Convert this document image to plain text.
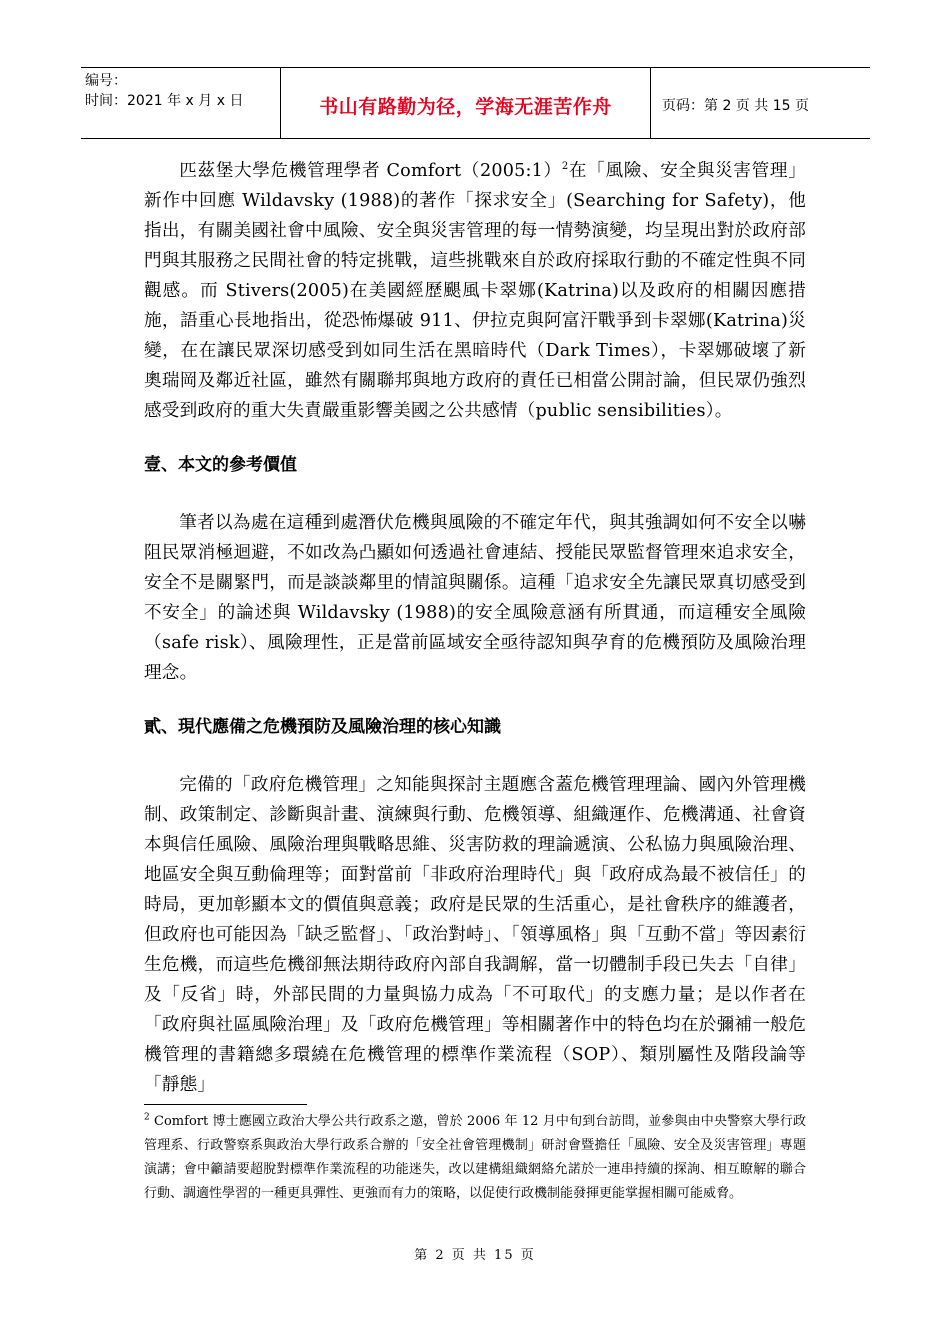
编号：
时间：2021 年 x 月 x 日	书山有路勤为径，学海无涯苦作舟	页码：第 2 页 共 15 页

匹茲堡大學危機管理學者 Comfort（2005:1）$^2$在「風險、安全與災害管理」新作中回應 Wildavsky (1988)的著作「探求安全」(Searching for Safety)，他指出，有關美國社會中風險、安全與災害管理的每一情勢演變，均呈現出對於政府部門與其服務之民間社會的特定挑戰，這些挑戰來自於政府採取行動的不確定性與不同觀感。而 Stivers(2005)在美國經歷颶風卡翠娜(Katrina)以及政府的相關因應措施，語重心長地指出，從恐怖爆破 911、伊拉克與阿富汗戰爭到卡翠娜(Katrina)災變，在在讓民眾深切感受到如同生活在黑暗時代（Dark Times），卡翠娜破壞了新奧瑞岡及鄰近社區，雖然有關聯邦與地方政府的責任已相當公開討論，但民眾仍強烈感受到政府的重大失責嚴重影響美國之公共感情（public sensibilities）。

壹、本文的參考價值

筆者以為處在這種到處潛伏危機與風險的不確定年代，與其強調如何不安全以嚇阻民眾消極迴避，不如改為凸顯如何透過社會連結、授能民眾監督管理來追求安全，安全不是關緊門，而是談談鄰里的情誼與關係。這種「追求安全先讓民眾真切感受到不安全」的論述與 Wildavsky (1988)的安全風險意涵有所貫通，而這種安全風險（safe risk）、風險理性，正是當前區域安全亟待認知與孕育的危機預防及風險治理理念。

貳、現代應備之危機預防及風險治理的核心知識

完備的「政府危機管理」之知能與探討主題應含蓋危機管理理論、國內外管理機制、政策制定、診斷與計畫、演練與行動、危機領導、組織運作、危機溝通、社會資本與信任風險、風險治理與戰略思維、災害防救的理論遞演、公私協力與風險治理、地區安全與互動倫理等；面對當前「非政府治理時代」與「政府成為最不被信任」的時局，更加彰顯本文的價值與意義；政府是民眾的生活重心，是社會秩序的維護者，但政府也可能因為「缺乏監督」、「政治對峙」、「領導風格」與「互動不當」等因素衍生危機，而這些危機卻無法期待政府內部自我調解，當一切體制手段已失去「自律」及「反省」時，外部民間的力量與協力成為「不可取代」的支應力量；是以作者在「政府與社區風險治理」及「政府危機管理」等相關著作中的特色均在於彌補一般危機管理的書籍總多環繞在危機管理的標準作業流程（SOP）、類別屬性及階段論等「靜態」

$^2$ Comfort 博士應國立政治大學公共行政系之邀，曾於 2006 年 12 月中旬到台訪問，並參與由中央警察大學行政管理系、行政警察系與政治大學行政系合辦的「安全社會管理機制」研討會暨擔任「風險、安全及災害管理」專題演講；會中籲請要超脫對標準作業流程的功能迷失，改以建構組織網絡允諾於一連串持續的探詢、相互瞭解的聯合行動、調適性學習的一種更具彈性、更強而有力的策略，以促使行政機制能發揮更能掌握相關可能威脅。

第 2 页 共 15 页
